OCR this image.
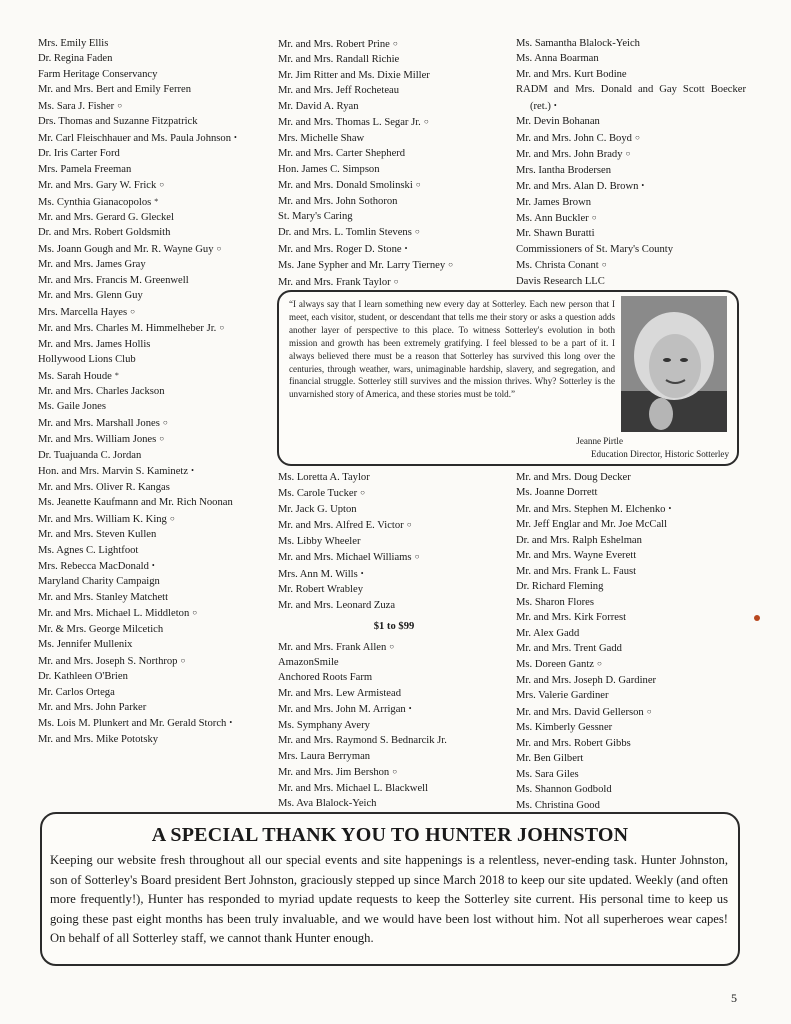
Mrs. Emily Ellis
Dr. Regina Faden
Farm Heritage Conservancy
Mr. and Mrs. Bert and Emily Ferren
Ms. Sara J. Fisher ○
Drs. Thomas and Suzanne Fitzpatrick
Mr. Carl Fleischhauer and Ms. Paula Johnson •
Dr. Iris Carter Ford
Mrs. Pamela Freeman
Mr. and Mrs. Gary W. Frick ○
Ms. Cynthia Gianacopolos *
Mr. and Mrs. Gerard G. Gleckel
Dr. and Mrs. Robert Goldsmith
Ms. Joann Gough and Mr. R. Wayne Guy ○
Mr. and Mrs. James Gray
Mr. and Mrs. Francis M. Greenwell
Mr. and Mrs. Glenn Guy
Mrs. Marcella Hayes ○
Mr. and Mrs. Charles M. Himmelheber Jr. ○
Mr. and Mrs. James Hollis
Hollywood Lions Club
Ms. Sarah Houde *
Mr. and Mrs. Charles Jackson
Ms. Gaile Jones
Mr. and Mrs. Marshall Jones ○
Mr. and Mrs. William Jones ○
Dr. Tuajuanda C. Jordan
Hon. and Mrs. Marvin S. Kaminetz •
Mr. and Mrs. Oliver R. Kangas
Ms. Jeanette Kaufmann and Mr. Rich Noonan
Mr. and Mrs. William K. King ○
Mr. and Mrs. Steven Kullen
Ms. Agnes C. Lightfoot
Mrs. Rebecca MacDonald •
Maryland Charity Campaign
Mr. and Mrs. Stanley Matchett
Mr. and Mrs. Michael L. Middleton ○
Mr. & Mrs. George Milcetich
Ms. Jennifer Mullenix
Mr. and Mrs. Joseph S. Northrop ○
Dr. Kathleen O'Brien
Mr. Carlos Ortega
Mr. and Mrs. John Parker
Ms. Lois M. Plunkert and Mr. Gerald Storch •
Mr. and Mrs. Mike Pototsky
Mr. and Mrs. Robert Prine ○
Mr. and Mrs. Randall Richie
Mr. Jim Ritter and Ms. Dixie Miller
Mr. and Mrs. Jeff Rocheteau
Mr. David A. Ryan
Mr. and Mrs. Thomas L. Segar Jr. ○
Mrs. Michelle Shaw
Mr. and Mrs. Carter Shepherd
Hon. James C. Simpson
Mr. and Mrs. Donald Smolinski ○
Mr. and Mrs. John Sothoron
St. Mary's Caring
Dr. and Mrs. L. Tomlin Stevens ○
Mr. and Mrs. Roger D. Stone •
Ms. Jane Sypher and Mr. Larry Tierney ○
Mr. and Mrs. Frank Taylor ○
Ms. Samantha Blalock-Yeich
Ms. Anna Boarman
Mr. and Mrs. Kurt Bodine
RADM and Mrs. Donald and Gay Scott Boecker (ret.) •
Mr. Devin Bohanan
Mr. and Mrs. John C. Boyd ○
Mr. and Mrs. John Brady ○
Mrs. Iantha Brodersen
Mr. and Mrs. Alan D. Brown •
Mr. James Brown
Ms. Ann Buckler ○
Mr. Shawn Buratti
Commissioners of St. Mary's County
Ms. Christa Conant ○
Davis Research LLC
“I always say that I learn something new every day at Sotterley. Each new person that I meet, each visitor, student, or descendant that tells me their story or asks a question adds another layer of perspective to this place. To witness Sotterley's evolution in both mission and growth has been extremely gratifying. I feel blessed to be a part of it. I always believed there must be a reason that Sotterley has survived this long over the centuries, through weather, wars, unimaginable hardship, slavery, and segregation, and financial struggle. Sotterley still survives and the mission thrives. Why? Sotterley is the unvarnished story of America, and these stories must be told.”
Jeanne Pirtle
Education Director, Historic Sotterley
Ms. Loretta A. Taylor
Ms. Carole Tucker ○
Mr. Jack G. Upton
Mr. and Mrs. Alfred E. Victor ○
Ms. Libby Wheeler
Mr. and Mrs. Michael Williams ○
Mrs. Ann M. Wills •
Mr. Robert Wrabley
Mr. and Mrs. Leonard Zuza
$1 to $99
Mr. and Mrs. Frank Allen ○
AmazonSmile
Anchored Roots Farm
Mr. and Mrs. Lew Armistead
Mr. and Mrs. John M. Arrigan •
Ms. Symphany Avery
Mr. and Mrs. Raymond S. Bednarcik Jr.
Mrs. Laura Berryman
Mr. and Mrs. Jim Bershon ○
Mr. and Mrs. Michael L. Blackwell
Ms. Ava Blalock-Yeich
Mr. and Mrs. Doug Decker
Ms. Joanne Dorrett
Mr. and Mrs. Stephen M. Elchenko •
Mr. Jeff Englar and Mr. Joe McCall
Dr. and Mrs. Ralph Eshelman
Mr. and Mrs. Wayne Everett
Mr. and Mrs. Frank L. Faust
Dr. Richard Fleming
Ms. Sharon Flores
Mr. and Mrs. Kirk Forrest
Mr. Alex Gadd
Mr. and Mrs. Trent Gadd
Ms. Doreen Gantz ○
Mr. and Mrs. Joseph D. Gardiner
Mrs. Valerie Gardiner
Mr. and Mrs. David Gellerson ○
Ms. Kimberly Gessner
Mr. and Mrs. Robert Gibbs
Mr. Ben Gilbert
Ms. Sara Giles
Ms. Shannon Godbold
Ms. Christina Good
A SPECIAL THANK YOU TO HUNTER JOHNSTON
Keeping our website fresh throughout all our special events and site happenings is a relentless, never-ending task. Hunter Johnston, son of Sotterley's Board president Bert Johnston, graciously stepped up since March 2018 to keep our site updated. Weekly (and often more frequently!), Hunter has responded to myriad update requests to keep the Sotterley site current. His personal time to keep us going these past eight months has been truly invaluable, and we would have been lost without him. Not all superheroes wear capes! On behalf of all Sotterley staff, we cannot thank Hunter enough.
5
